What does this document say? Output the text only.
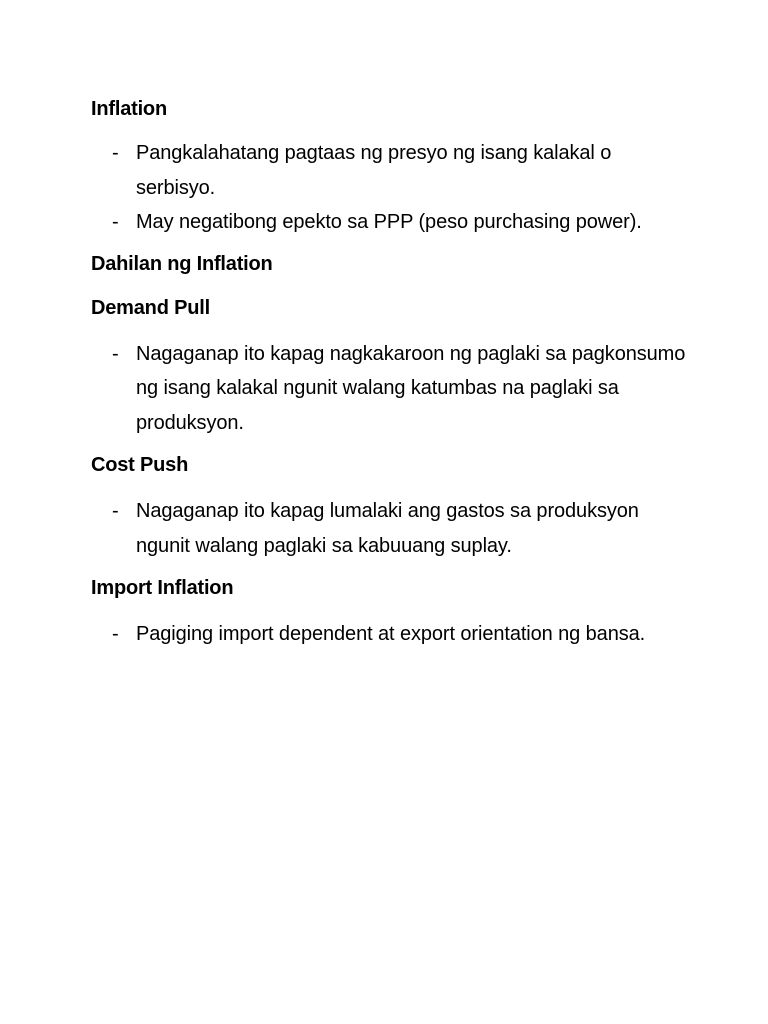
Inflation

- Pangkalahatang pagtaas ng presyo ng isang kalakal o serbisyo.
- May negatibong epekto sa PPP (peso purchasing power).

Dahilan ng Inflation

Demand Pull

- Nagaganap ito kapag nagkakaroon ng paglaki sa pagkonsumo ng isang kalakal ngunit walang katumbas na paglaki sa produksyon.

Cost Push

- Nagaganap ito kapag lumalaki ang gastos sa produksyon ngunit walang paglaki sa kabuuang suplay.

Import Inflation

- Pagiging import dependent at export orientation ng bansa.
